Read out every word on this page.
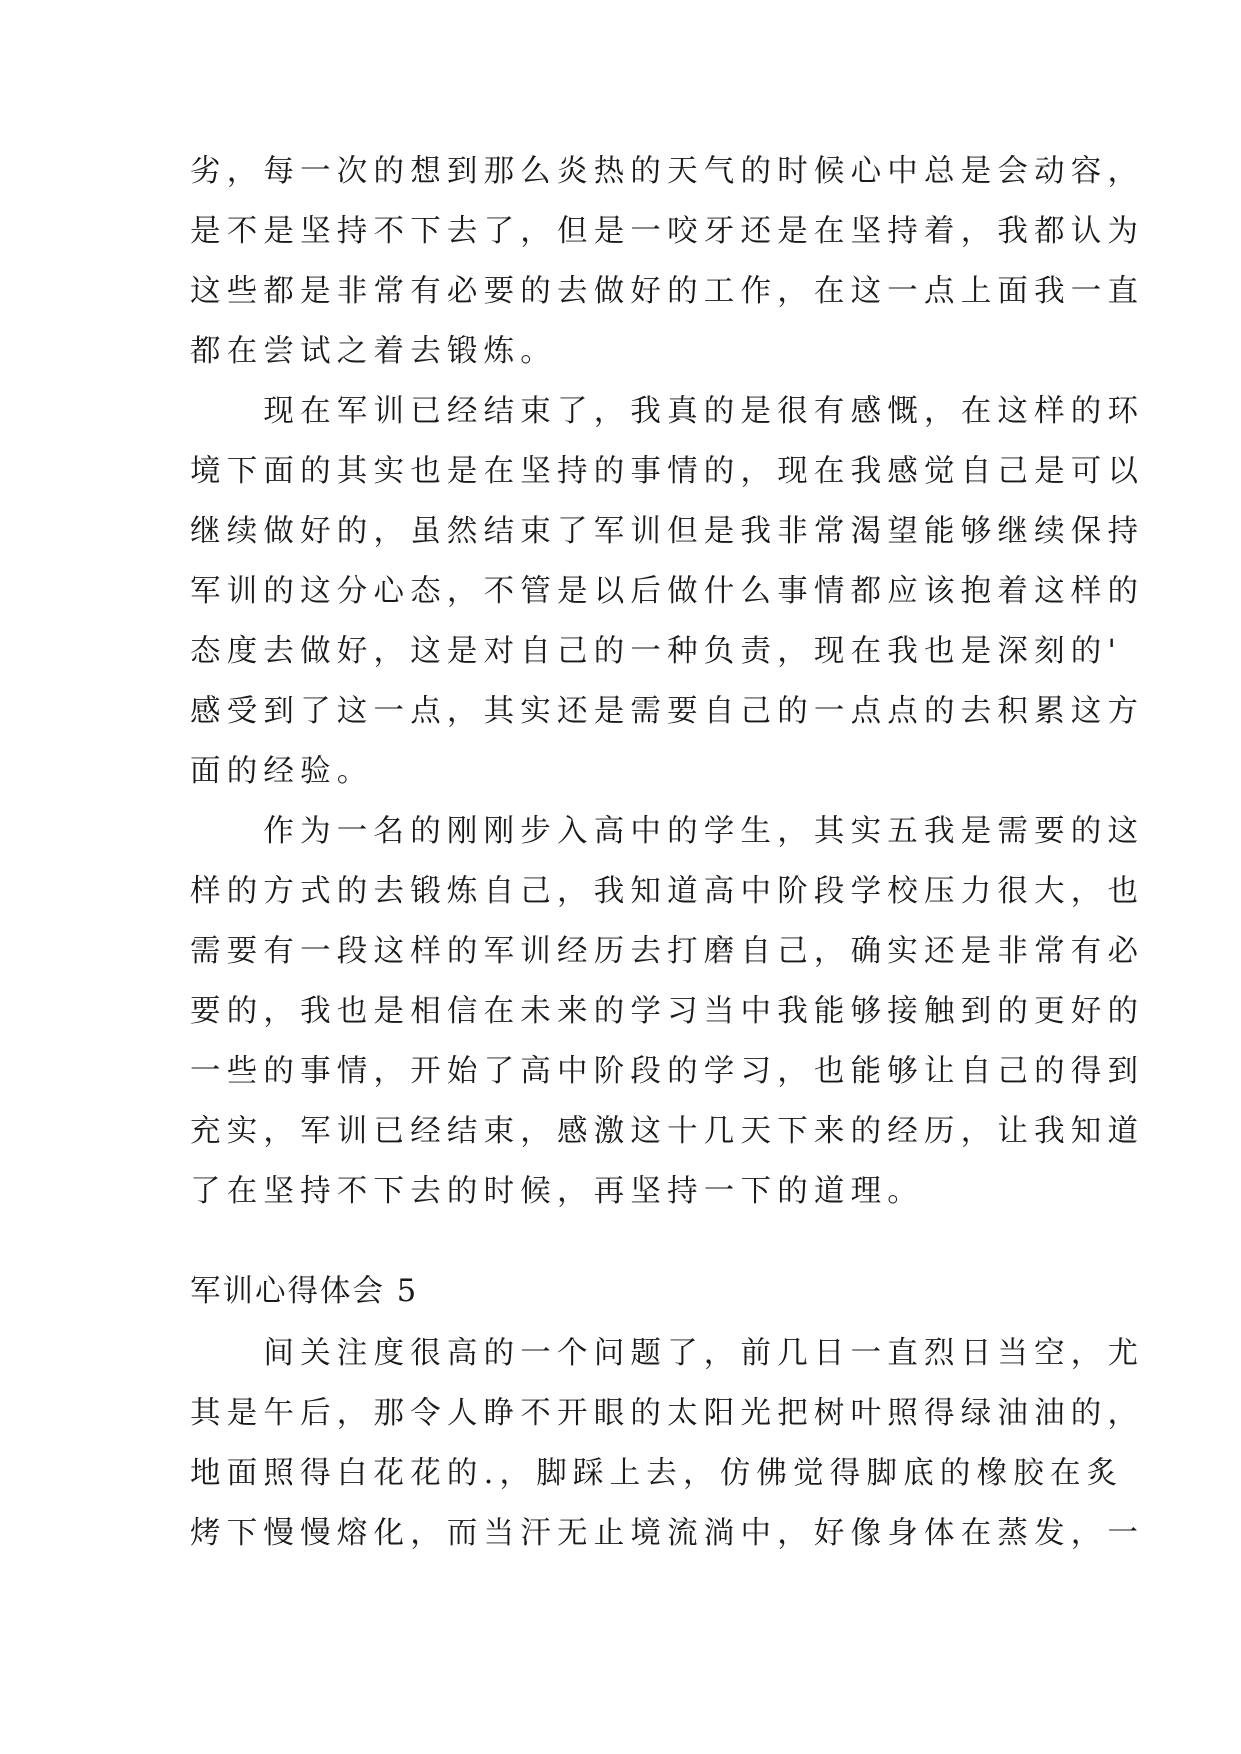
劣，每一次的想到那么炎热的天气的时候心中总是会动容，
是不是坚持不下去了，但是一咬牙还是在坚持着，我都认为
这些都是非常有必要的去做好的工作，在这一点上面我一直
都在尝试之着去锻炼。
　　现在军训已经结束了，我真的是很有感慨，在这样的环
境下面的其实也是在坚持的事情的，现在我感觉自己是可以
继续做好的，虽然结束了军训但是我非常渴望能够继续保持
军训的这分心态，不管是以后做什么事情都应该抱着这样的
态度去做好，这是对自己的一种负责，现在我也是深刻的'
感受到了这一点，其实还是需要自己的一点点的去积累这方
面的经验。
　　作为一名的刚刚步入高中的学生，其实五我是需要的这
样的方式的去锻炼自己，我知道高中阶段学校压力很大，也
需要有一段这样的军训经历去打磨自己，确实还是非常有必
要的，我也是相信在未来的学习当中我能够接触到的更好的
一些的事情，开始了高中阶段的学习，也能够让自己的得到
充实，军训已经结束，感激这十几天下来的经历，让我知道
了在坚持不下去的时候，再坚持一下的道理。
军训心得体会 5
　　间关注度很高的一个问题了，前几日一直烈日当空，尤
其是午后，那令人睁不开眼的太阳光把树叶照得绿油油的，
地面照得白花花的.，脚踩上去，仿佛觉得脚底的橡胶在炙
烤下慢慢熔化，而当汗无止境流淌中，好像身体在蒸发，一
